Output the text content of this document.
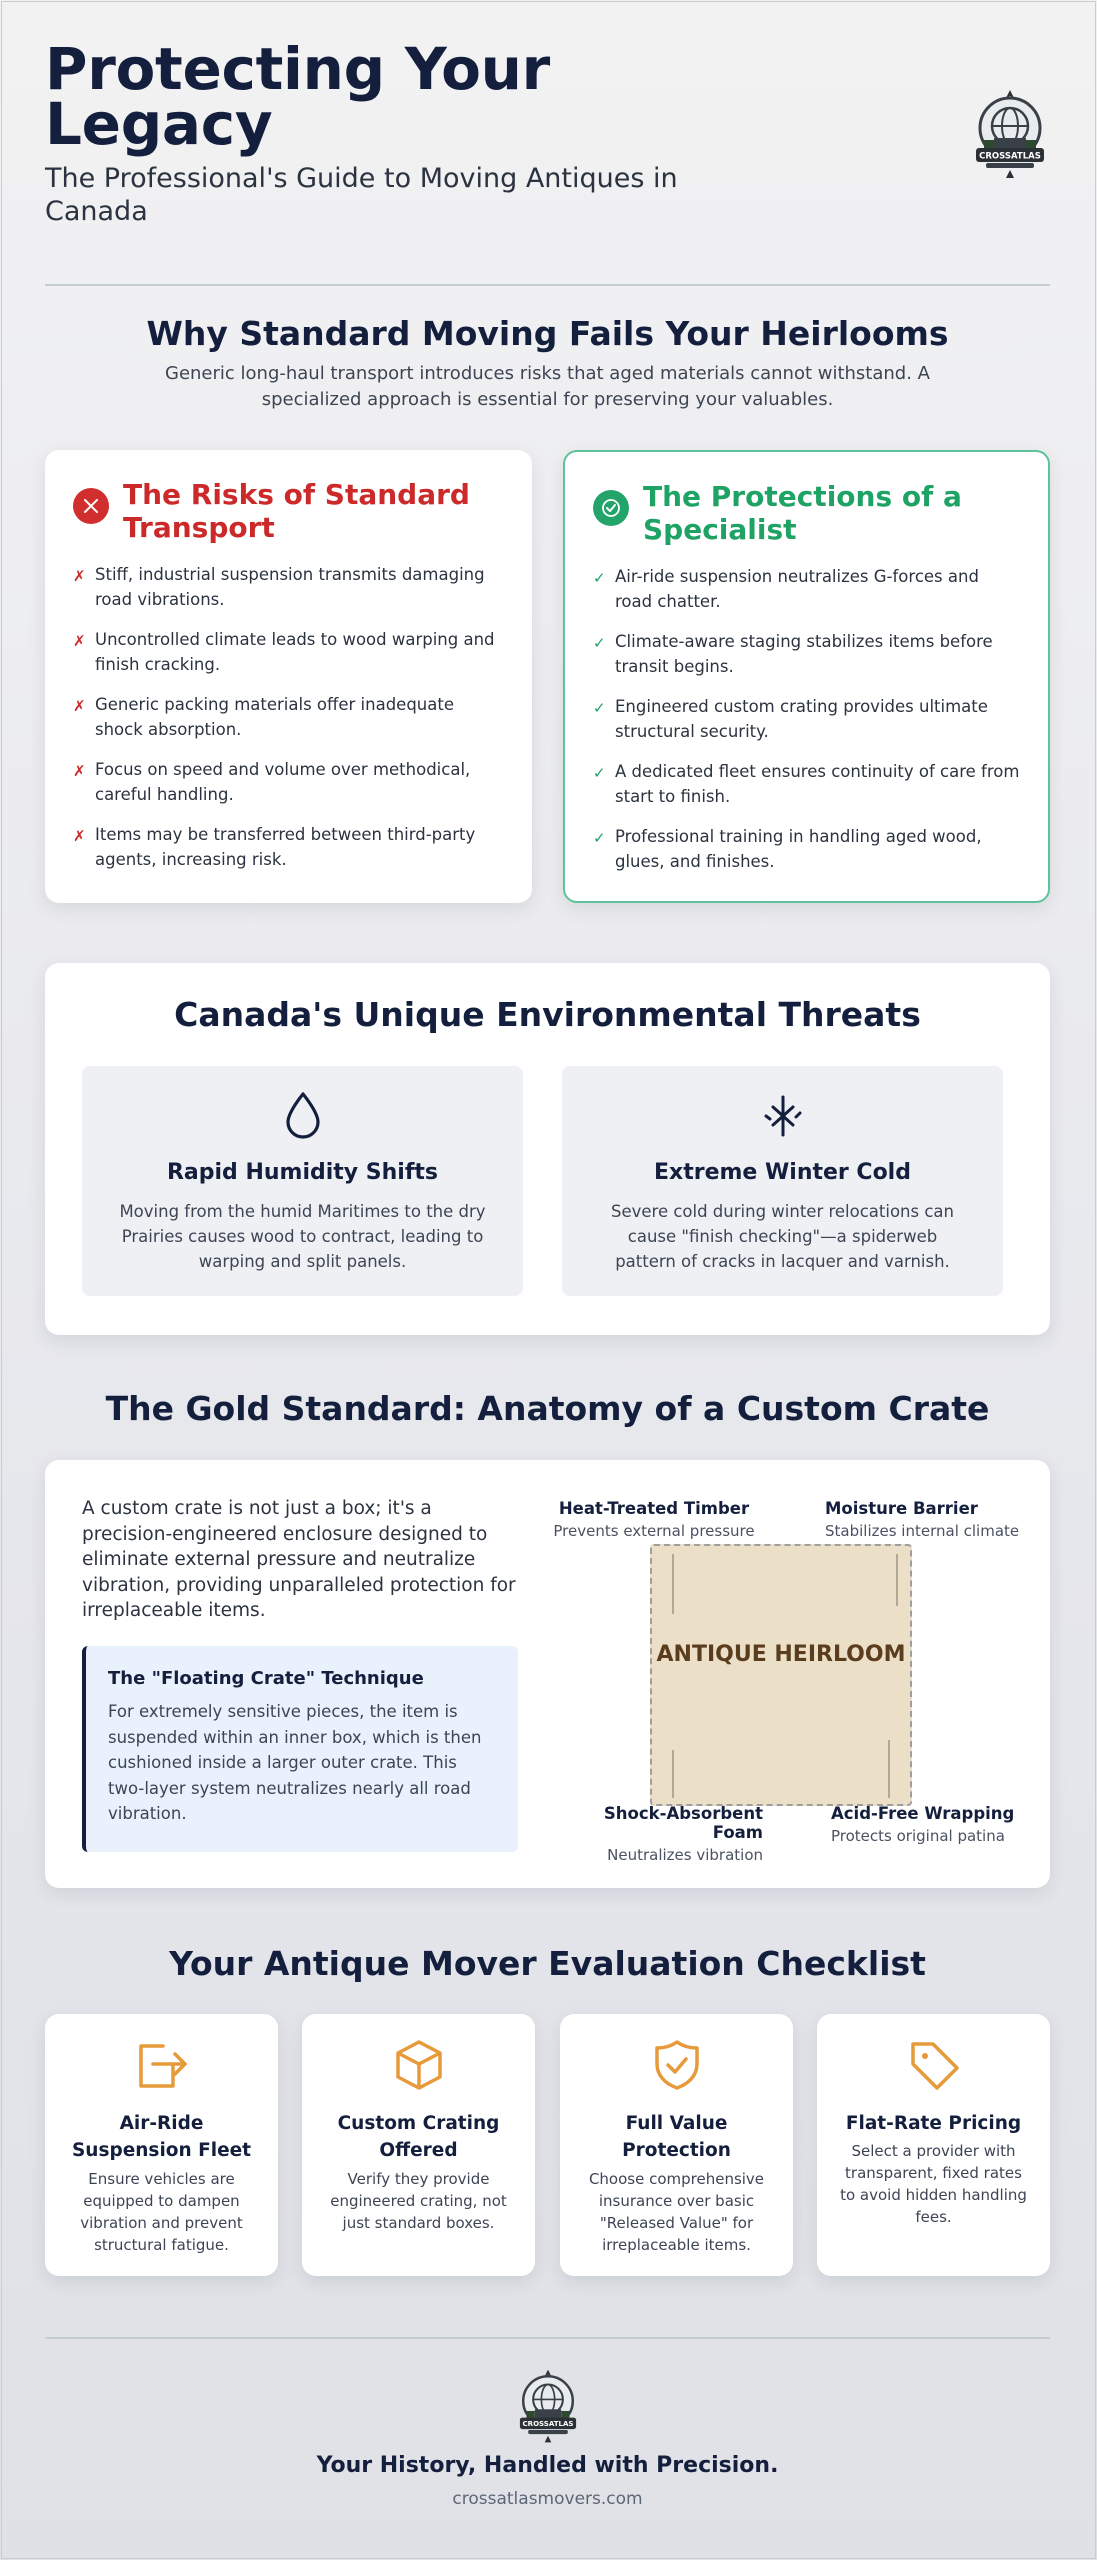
Protecting Your Legacy
The Professional's Guide to Moving Antiques in Canada
CROSSATLAS
Why Standard Moving Fails Your Heirlooms
Generic long-haul transport introduces risks that aged materials cannot withstand. A specialized approach is essential for preserving your valuables.
The Risks of Standard Transport
✗ Stiff, industrial suspension transmits damaging road vibrations.
✗ Uncontrolled climate leads to wood warping and finish cracking.
✗ Generic packing materials offer inadequate shock absorption.
✗ Focus on speed and volume over methodical, careful handling.
✗ Items may be transferred between third-party agents, increasing risk.
The Protections of a Specialist
✓ Air-ride suspension neutralizes G-forces and road chatter.
✓ Climate-aware staging stabilizes items before transit begins.
✓ Engineered custom crating provides ultimate structural security.
✓ A dedicated fleet ensures continuity of care from start to finish.
✓ Professional training in handling aged wood, glues, and finishes.
Canada's Unique Environmental Threats
Rapid Humidity Shifts
Moving from the humid Maritimes to the dry Prairies causes wood to contract, leading to warping and split panels.
Extreme Winter Cold
Severe cold during winter relocations can cause "finish checking"—a spiderweb pattern of cracks in lacquer and varnish.
The Gold Standard: Anatomy of a Custom Crate
A custom crate is not just a box; it's a precision-engineered enclosure designed to eliminate external pressure and neutralize vibration, providing unparalleled protection for irreplaceable items.
The "Floating Crate" Technique
For extremely sensitive pieces, the item is suspended within an inner box, which is then cushioned inside a larger outer crate. This two-layer system neutralizes nearly all road vibration.
ANTIQUE HEIRLOOM
Heat-Treated Timber
Prevents external pressure
Moisture Barrier
Stabilizes internal climate
Shock-Absorbent Foam
Neutralizes vibration
Acid-Free Wrapping
Protects original patina
Your Antique Mover Evaluation Checklist
Air-Ride Suspension Fleet
Ensure vehicles are equipped to dampen vibration and prevent structural fatigue.
Custom Crating Offered
Verify they provide engineered crating, not just standard boxes.
Full Value Protection
Choose comprehensive insurance over basic "Released Value" for irreplaceable items.
Flat-Rate Pricing
Select a provider with transparent, fixed rates to avoid hidden handling fees.
CROSSATLAS
Your History, Handled with Precision.
crossatlasmovers.com
